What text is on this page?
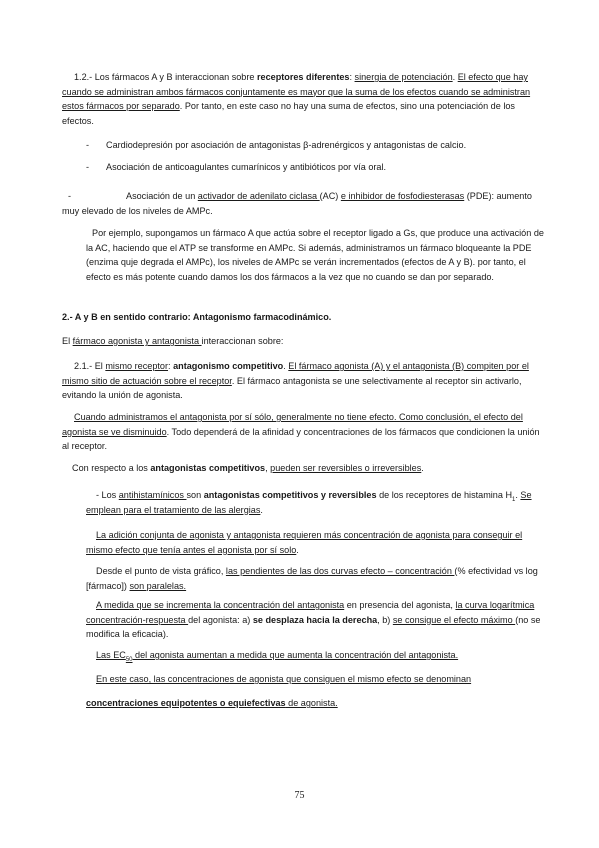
1.2.- Los fármacos A y B interaccionan sobre receptores diferentes: sinergia de potenciación. El efecto que hay cuando se administran ambos fármacos conjuntamente es mayor que la suma de los efectos cuando se administran estos fármacos por separado. Por tanto, en este caso no hay una suma de efectos, sino una potenciación de los efectos.

- Cardiodepresión por asociación de antagonistas β-adrenérgicos y antagonistas de calcio.
- Asociación de anticoagulantes cumarínicos y antibióticos por vía oral.

-	Asociación de un activador de adenilato ciclasa (AC) e inhibidor de fosfodiesterasas (PDE): aumento muy elevado de los niveles de AMPc.

Por ejemplo, supongamos un fármaco A que actúa sobre el receptor ligado a Gs, que produce una activación de la AC, haciendo que el ATP se transforme en AMPc. Si además, administramos un fármaco bloqueante la PDE (enzima quje degrada el AMPc), los niveles de AMPc se verán incrementados (efectos de A y B). por tanto, el efecto es más potente cuando damos los dos fármacos a la vez que no cuando se dan por separado.

2.- A y B en sentido contrario: Antagonismo farmacodinámico.

El fármaco agonista y antagonista interaccionan sobre:

2.1.- El mismo receptor: antagonismo competitivo. El fármaco agonista (A) y el antagonista (B) compiten por el mismo sitio de actuación sobre el receptor. El fármaco antagonista se une selectivamente al receptor sin activarlo, evitando la unión de agonista.

Cuando administramos el antagonista por sí sólo, generalmente no tiene efecto. Como conclusión, el efecto del agonista se ve disminuido. Todo dependerá de la afinidad y concentraciones de los fármacos que condicionen la unión al receptor.

Con respecto a los antagonistas competitivos, pueden ser reversibles o irreversibles.

- Los antihistamínicos son antagonistas competitivos y reversibles de los receptores de histamina $H_1$. Se emplean para el tratamiento de las alergias.

La adición conjunta de agonista y antagonista requieren más concentración de agonista para conseguir el mismo efecto que tenía antes el agonista por sí solo.

Desde el punto de vista gráfico, las pendientes de las dos curvas efecto – concentración (% efectividad vs log [fármaco]) son paralelas.

A medida que se incrementa la concentración del antagonista en presencia del agonista, la curva logarítmica concentración-respuesta del agonista: a) se desplaza hacia la derecha, b) se consigue el efecto máximo (no se modifica la eficacia).

Las $EC_{50}$ del agonista aumentan a medida que aumenta la concentración del antagonista.

En este caso, las concentraciones de agonista que consiguen el mismo efecto se denominan

concentraciones equipotentes o equiefectivas de agonista.

75
